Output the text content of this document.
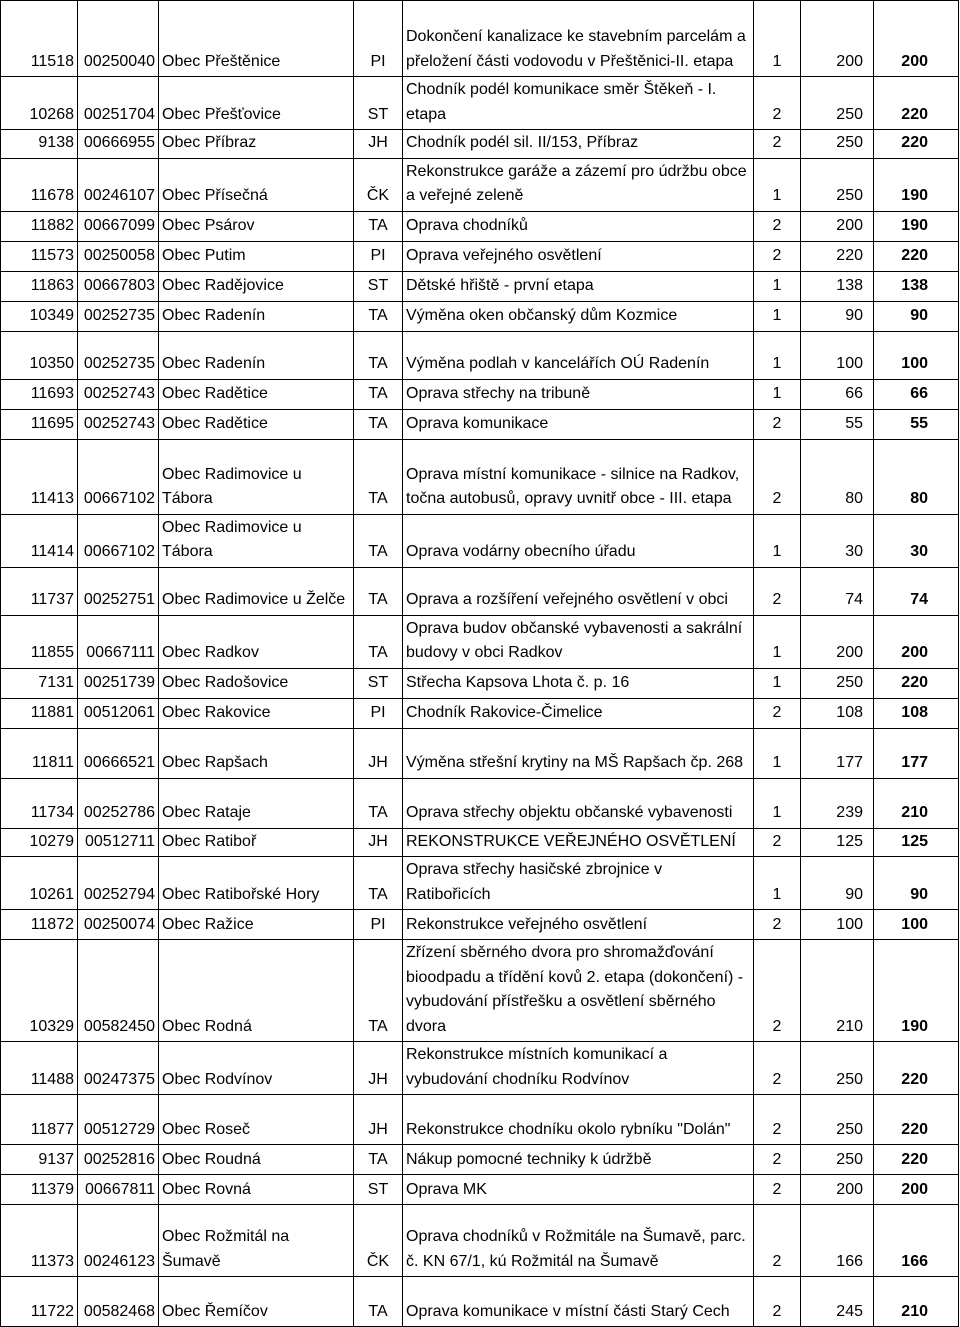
11518	00250040	Obec Přeštěnice	PI	Dokončení kanalizace ke stavebním parcelám a přeložení části vodovodu v Přeštěnici-II. etapa	1	200	200
10268	00251704	Obec Přešťovice	ST	Chodník podél komunikace směr Štěkeň - I. etapa	2	250	220
9138	00666955	Obec Příbraz	JH	Chodník podél sil. II/153, Příbraz	2	250	220
11678	00246107	Obec Přísečná	ČK	Rekonstrukce garáže a zázemí pro údržbu obce a veřejné zeleně	1	250	190
11882	00667099	Obec Psárov	TA	Oprava chodníků	2	200	190
11573	00250058	Obec Putim	PI	Oprava veřejného osvětlení	2	220	220
11863	00667803	Obec Radějovice	ST	Dětské hřiště - první etapa	1	138	138
10349	00252735	Obec Radenín	TA	Výměna oken občanský dům Kozmice	1	90	90
10350	00252735	Obec Radenín	TA	Výměna podlah v kancelářích OÚ Radenín	1	100	100
11693	00252743	Obec Radětice	TA	Oprava střechy na tribuně	1	66	66
11695	00252743	Obec Radětice	TA	Oprava komunikace	2	55	55
11413	00667102	Obec Radimovice u Tábora	TA	Oprava místní komunikace - silnice na Radkov, točna autobusů, opravy uvnitř obce - III. etapa	2	80	80
11414	00667102	Obec Radimovice u Tábora	TA	Oprava vodárny obecního úřadu	1	30	30
11737	00252751	Obec Radimovice u Želče	TA	Oprava a rozšíření veřejného osvětlení v obci	2	74	74
11855	00667111	Obec Radkov	TA	Oprava budov občanské vybavenosti a sakrální budovy v obci Radkov	1	200	200
7131	00251739	Obec Radošovice	ST	Střecha Kapsova Lhota č. p. 16	1	250	220
11881	00512061	Obec Rakovice	PI	Chodník Rakovice-Čimelice	2	108	108
11811	00666521	Obec Rapšach	JH	Výměna střešní krytiny na MŠ Rapšach čp. 268	1	177	177
11734	00252786	Obec Rataje	TA	Oprava střechy objektu občanské vybavenosti	1	239	210
10279	00512711	Obec Ratiboř	JH	REKONSTRUKCE VEŘEJNÉHO OSVĚTLENÍ	2	125	125
10261	00252794	Obec Ratibořské Hory	TA	Oprava střechy hasičské zbrojnice v Ratibořicích	1	90	90
11872	00250074	Obec Ražice	PI	Rekonstrukce veřejného osvětlení	2	100	100
10329	00582450	Obec Rodná	TA	Zřízení sběrného dvora pro shromažďování bioodpadu a třídění kovů 2. etapa (dokončení) - vybudování přístřešku a osvětlení sběrného dvora	2	210	190
11488	00247375	Obec Rodvínov	JH	Rekonstrukce místních komunikací a vybudování chodníku Rodvínov	2	250	220
11877	00512729	Obec Roseč	JH	Rekonstrukce chodníku okolo rybníku "Dolán"	2	250	220
9137	00252816	Obec Roudná	TA	Nákup pomocné techniky k údržbě	2	250	220
11379	00667811	Obec Rovná	ST	Oprava MK	2	200	200
11373	00246123	Obec Rožmitál na Šumavě	ČK	Oprava chodníků v Rožmitále na Šumavě, parc. č. KN 67/1, kú Rožmitál na Šumavě	2	166	166
11722	00582468	Obec Řemíčov	TA	Oprava komunikace v místní části Starý Cech	2	245	210
